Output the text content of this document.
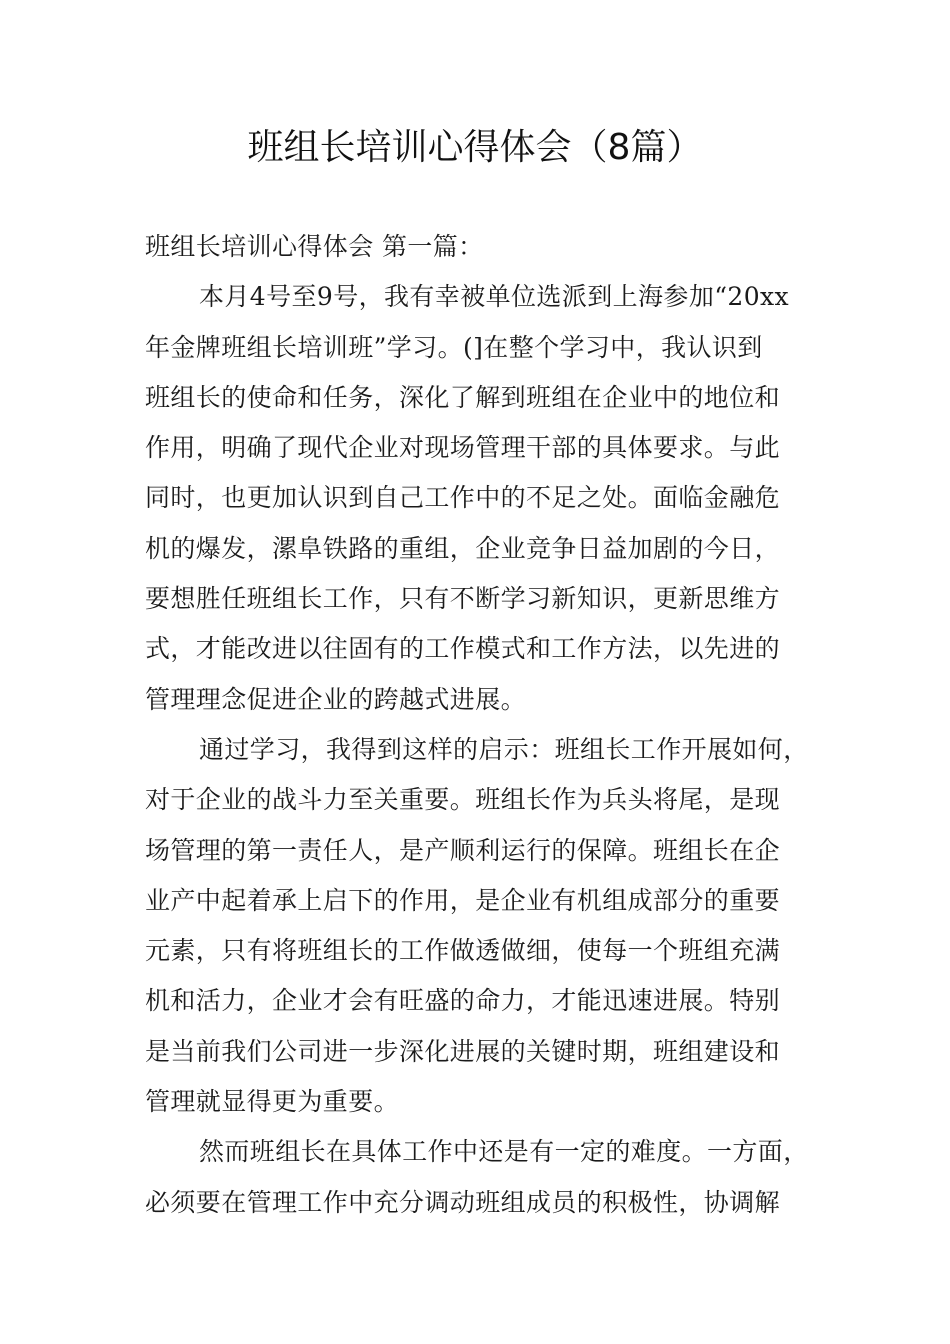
班组长培训心得体会（8篇）

班组长培训心得体会 第一篇：

本月4号至9号，我有幸被单位选派到上海参加“20xx

年金牌班组长培训班”学习。(]在整个学习中，我认识到

班组长的使命和任务，深化了解到班组在企业中的地位和

作用，明确了现代企业对现场管理干部的具体要求。与此

同时，也更加认识到自己工作中的不足之处。面临金融危

机的爆发，漯阜铁路的重组，企业竞争日益加剧的今日，

要想胜任班组长工作，只有不断学习新知识，更新思维方

式，才能改进以往固有的工作模式和工作方法，以先进的

管理理念促进企业的跨越式进展。

通过学习，我得到这样的启示：班组长工作开展如何，

对于企业的战斗力至关重要。班组长作为兵头将尾，是现

场管理的第一责任人，是产顺利运行的保障。班组长在企

业产中起着承上启下的作用，是企业有机组成部分的重要

元素，只有将班组长的工作做透做细，使每一个班组充满

机和活力，企业才会有旺盛的命力，才能迅速进展。特别

是当前我们公司进一步深化进展的关键时期，班组建设和

管理就显得更为重要。

然而班组长在具体工作中还是有一定的难度。一方面，

必须要在管理工作中充分调动班组成员的积极性，协调解
